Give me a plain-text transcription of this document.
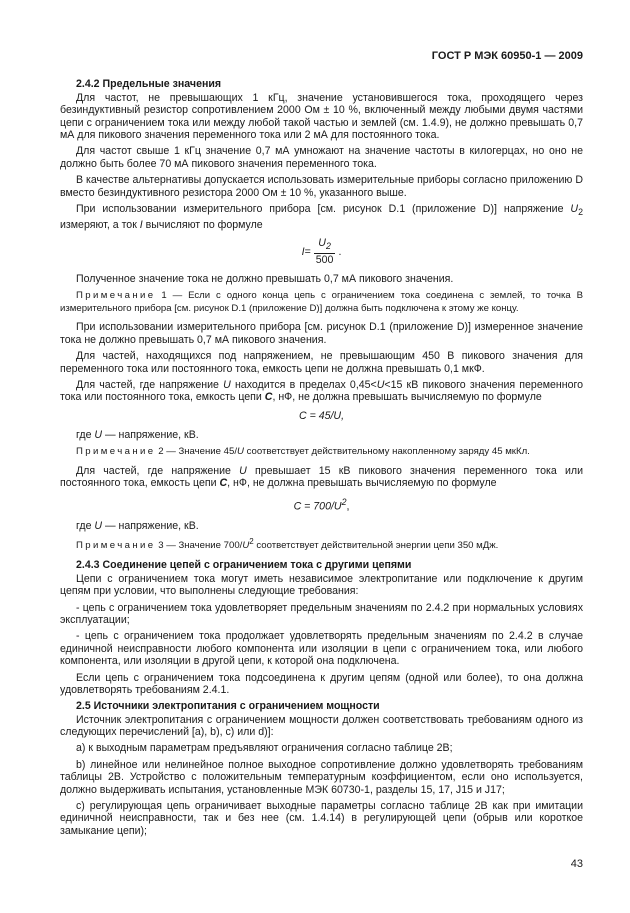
ГОСТ Р МЭК 60950-1 — 2009

2.4.2 Предельные значения

Для частот, не превышающих 1 кГц, значение установившегося тока, проходящего через безиндуктивный резистор сопротивлением 2000 Ом ± 10 %, включенный между любыми двумя частями цепи с ограничением тока или между любой такой частью и землей (см. 1.4.9), не должно превышать 0,7 мА для пикового значения переменного тока или 2 мА для постоянного тока.

Для частот свыше 1 кГц значение 0,7 мА умножают на значение частоты в килогерцах, но оно не должно быть более 70 мА пикового значения переменного тока.

В качестве альтернативы допускается использовать измерительные приборы согласно приложению D вместо безиндуктивного резистора 2000 Ом ± 10 %, указанного выше.

При использовании измерительного прибора [см. рисунок D.1 (приложение D)] напряжение $U_2$ измеряют, а ток I вычисляют по формуле

$I= \frac{U_2}{500}$ .

Полученное значение тока не должно превышать 0,7 мА пикового значения.

Примечание 1 — Если с одного конца цепь с ограничением тока соединена с землей, то точка B измерительного прибора [см. рисунок D.1 (приложение D)] должна быть подключена к этому же концу.

При использовании измерительного прибора [см. рисунок D.1 (приложение D)] измеренное значение тока не должно превышать 0,7 мА пикового значения.

Для частей, находящихся под напряжением, не превышающим 450 В пикового значения для переменного тока или постоянного тока, емкость цепи не должна превышать 0,1 мкФ.

Для частей, где напряжение U находится в пределах 0,45<U<15 кВ пикового значения переменного тока или постоянного тока, емкость цепи C, нФ, не должна превышать вычисляемую по формуле

C = 45/U,

где U — напряжение, кВ.

Примечание 2 — Значение 45/U соответствует действительному накопленному заряду 45 мкКл.

Для частей, где напряжение U превышает 15 кВ пикового значения переменного тока или постоянного тока, емкость цепи C, нФ, не должна превышать вычисляемую по формуле

$C = 700/U^2$,

где U — напряжение, кВ.

Примечание 3 — Значение $700/U^2$ соответствует действительной энергии цепи 350 мДж.

2.4.3 Соединение цепей с ограничением тока с другими цепями

Цепи с ограничением тока могут иметь независимое электропитание или подключение к другим цепям при условии, что выполнены следующие требования:

- цепь с ограничением тока удовлетворяет предельным значениям по 2.4.2 при нормальных условиях эксплуатации;

- цепь с ограничением тока продолжает удовлетворять предельным значениям по 2.4.2 в случае единичной неисправности любого компонента или изоляции в цепи с ограничением тока, или любого компонента, или изоляции в другой цепи, к которой она подключена.

Если цепь с ограничением тока подсоединена к другим цепям (одной или более), то она должна удовлетворять требованиям 2.4.1.

2.5 Источники электропитания с ограничением мощности

Источник электропитания с ограничением мощности должен соответствовать требованиям одного из следующих перечислений [a), b), c) или d)]:

a) к выходным параметрам предъявляют ограничения согласно таблице 2В;

b) линейное или нелинейное полное выходное сопротивление должно удовлетворять требованиям таблицы 2В. Устройство с положительным температурным коэффициентом, если оно используется, должно выдерживать испытания, установленные МЭК 60730-1, разделы 15, 17, J15 и J17;

c) регулирующая цепь ограничивает выходные параметры согласно таблице 2В как при имитации единичной неисправности, так и без нее (см. 1.4.14) в регулирующей цепи (обрыв или короткое замыкание цепи);

43
